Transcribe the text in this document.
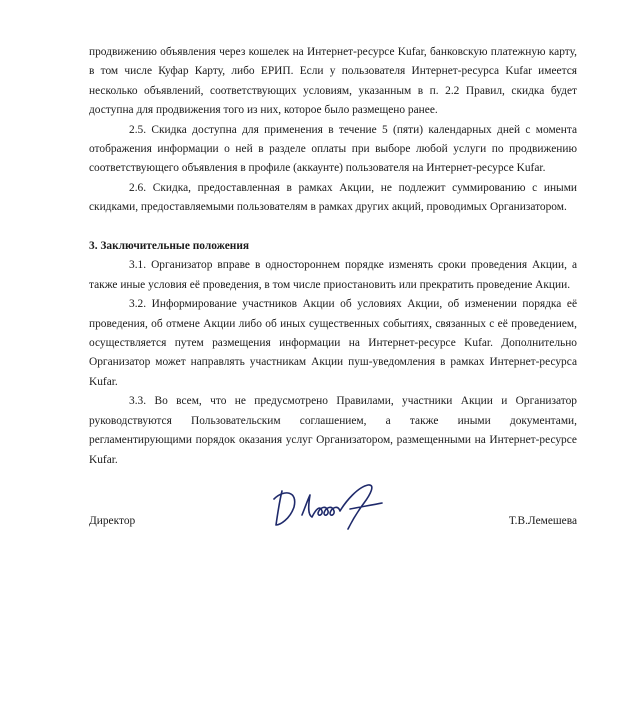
продвижению объявления через кошелек на Интернет-ресурсе Kufar, банковскую платежную карту, в том числе Куфар Карту, либо ЕРИП. Если у пользователя Интернет-ресурса Kufar имеется несколько объявлений, соответствующих условиям, указанным в п. 2.2 Правил, скидка будет доступна для продвижения того из них, которое было размещено ранее.

2.5. Скидка доступна для применения в течение 5 (пяти) календарных дней с момента отображения информации о ней в разделе оплаты при выборе любой услуги по продвижению соответствующего объявления в профиле (аккаунте) пользователя на Интернет-ресурсе Kufar.

2.6. Скидка, предоставленная в рамках Акции, не подлежит суммированию с иными скидками, предоставляемыми пользователям в рамках других акций, проводимых Организатором.

3. Заключительные положения

3.1. Организатор вправе в одностороннем порядке изменять сроки проведения Акции, а также иные условия её проведения, в том числе приостановить или прекратить проведение Акции.

3.2. Информирование участников Акции об условиях Акции, об изменении порядка её проведения, об отмене Акции либо об иных существенных событиях, связанных с её проведением, осуществляется путем размещения информации на Интернет-ресурсе Kufar. Дополнительно Организатор может направлять участникам Акции пуш-уведомления в рамках Интернет-ресурса Kufar.

3.3. Во всем, что не предусмотрено Правилами, участники Акции и Организатор руководствуются Пользовательским соглашением, а также иными документами, регламентирующими порядок оказания услуг Организатором, размещенными на Интернет-ресурсе Kufar.

Директор	Т.В.Лемешева
